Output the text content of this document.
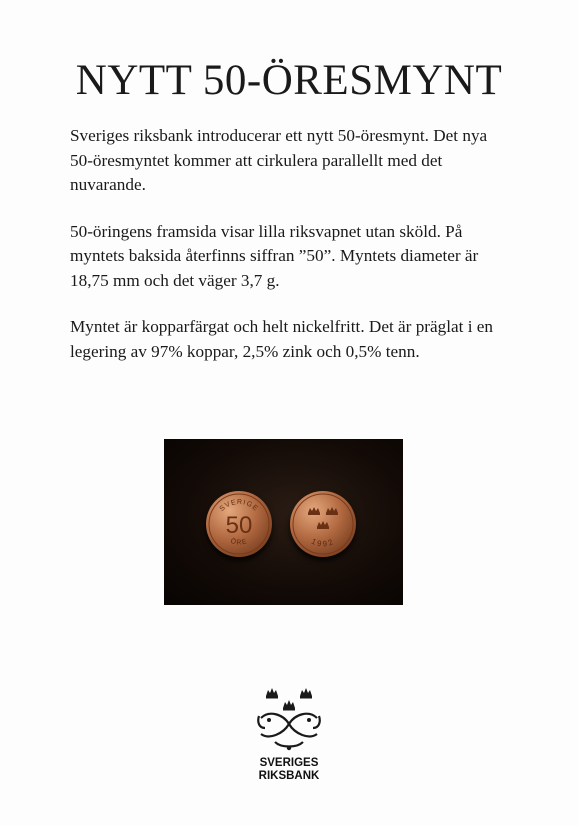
NYTT 50-ÖRESMYNT

Sveriges riksbank introducerar ett nytt 50-öresmynt. Det nya 50-öresmyntet kommer att cirkulera parallellt med det nuvarande.

50-öringens framsida visar lilla riksvapnet utan sköld. På myntets baksida återfinns siffran ”50”. Myntets diameter är 18,75 mm och det väger 3,7 g.

Myntet är kopparfärgat och helt nickelfritt. Det är präglat i en legering av 97% koppar, 2,5% zink och 0,5% tenn.

SVERIGE
50
ÖRE	1992
SVERIGES
RIKSBANK
